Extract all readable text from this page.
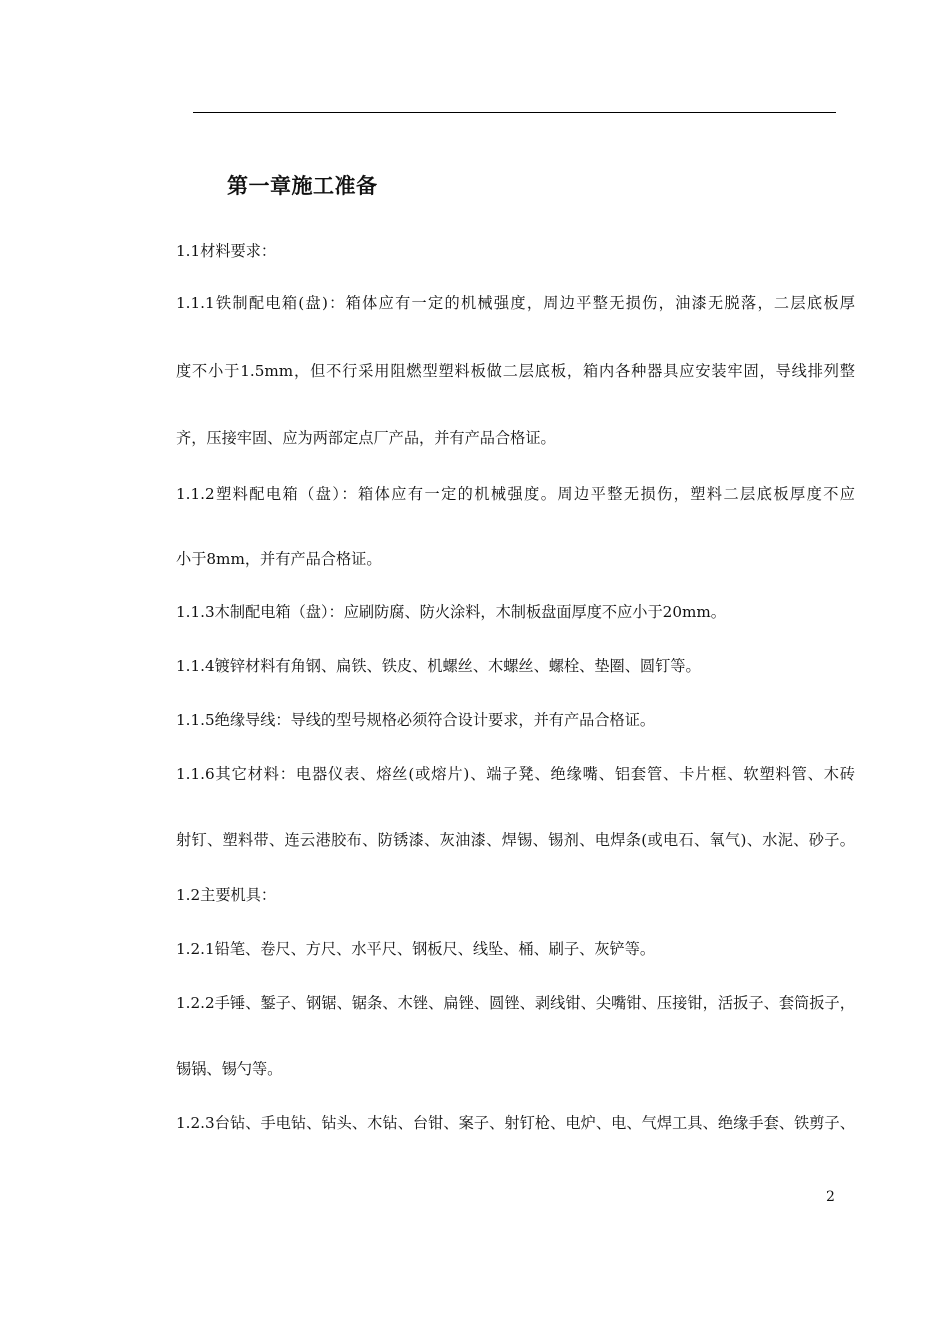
第一章施工准备
1.1材料要求：
1.1.1铁制配电箱(盘)：箱体应有一定的机械强度，周边平整无损伤，油漆无脱落，二层底板厚
度不小于1.5mm，但不行采用阻燃型塑料板做二层底板，箱内各种器具应安装牢固，导线排列整
齐，压接牢固、应为两部定点厂产品，并有产品合格证。
1.1.2塑料配电箱（盘）：箱体应有一定的机械强度。周边平整无损伤，塑料二层底板厚度不应
小于8mm，并有产品合格证。
1.1.3木制配电箱（盘）：应刷防腐、防火涂料，木制板盘面厚度不应小于20mm。
1.1.4镀锌材料有角钢、扁铁、铁皮、机螺丝、木螺丝、螺栓、垫圈、圆钉等。
1.1.5绝缘导线：导线的型号规格必须符合设计要求，并有产品合格证。
1.1.6其它材料：电器仪表、熔丝(或熔片)、端子凳、绝缘嘴、铝套管、卡片框、软塑料管、木砖
射钉、塑料带、连云港胶布、防锈漆、灰油漆、焊锡、锡剂、电焊条(或电石、氧气)、水泥、砂子。
1.2主要机具：
1.2.1铅笔、卷尺、方尺、水平尺、钢板尺、线坠、桶、刷子、灰铲等。
1.2.2手锤、錾子、钢锯、锯条、木锉、扁锉、圆锉、剥线钳、尖嘴钳、压接钳，活扳子、套筒扳子，
锡锅、锡勺等。
1.2.3台钻、手电钻、钻头、木钻、台钳、案子、射钉枪、电炉、电、气焊工具、绝缘手套、铁剪子、
2
